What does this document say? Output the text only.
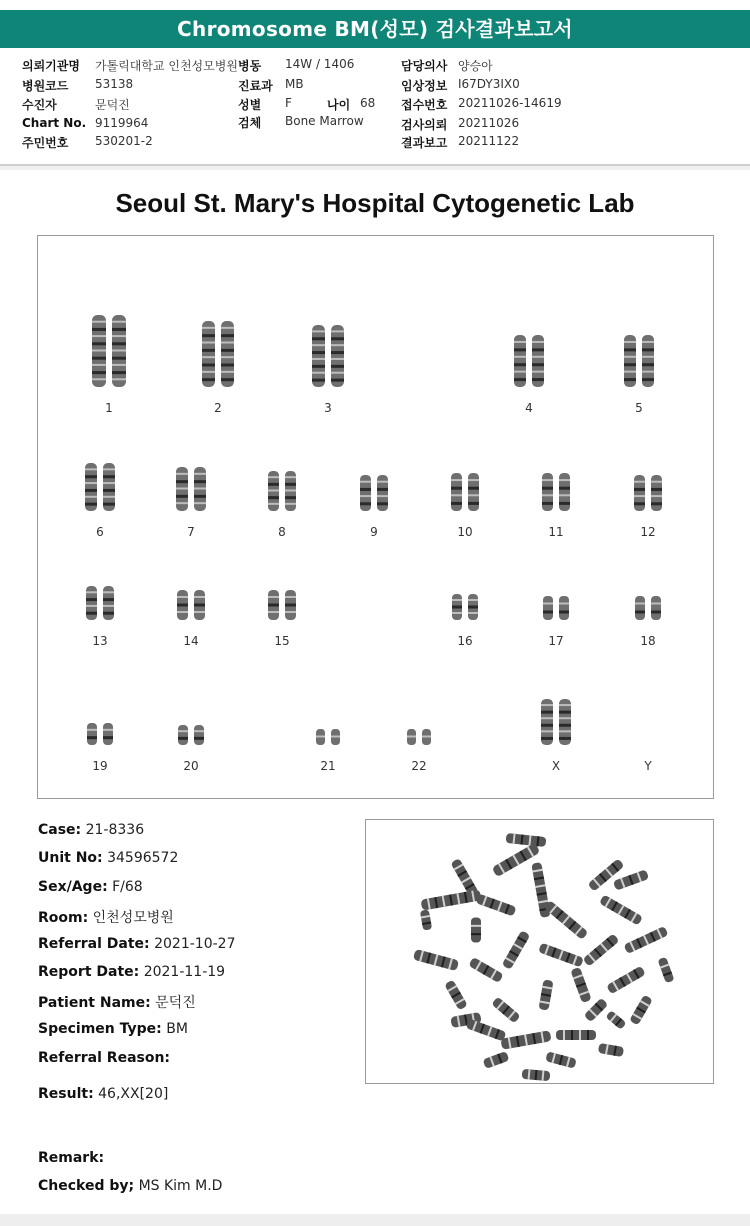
Chromosome BM(성모) 검사결과보고서
의뢰기관명 가톨릭대학교 인천성모병원 병동 14W / 1406	담당의사 양승아
병원코드 53138	진료과 MB	임상정보 I67DY3IX0
수진자	문덕진	성별 F	나이 68 접수번호 20211026-14619
Chart No. 9119964	검체 Bone Marrow	검사의뢰 20211026
주민번호 530201-2	결과보고 20211122
Seoul St. Mary's Hospital Cytogenetic Lab
1	2	3	4	5
6	7	8	9	10	11	12
13	14	15	16	17	18
19	20	21	22	X	Y
Case: 21-8336
Unit No: 34596572
Sex/Age: F/68
Room: 인천성모병원
Referral Date: 2021-10-27
Report Date: 2021-11-19
Patient Name: 문덕진
Specimen Type: BM
Referral Reason:
Result: 46,XX[20]
Remark:
Checked by; MS Kim M.D
